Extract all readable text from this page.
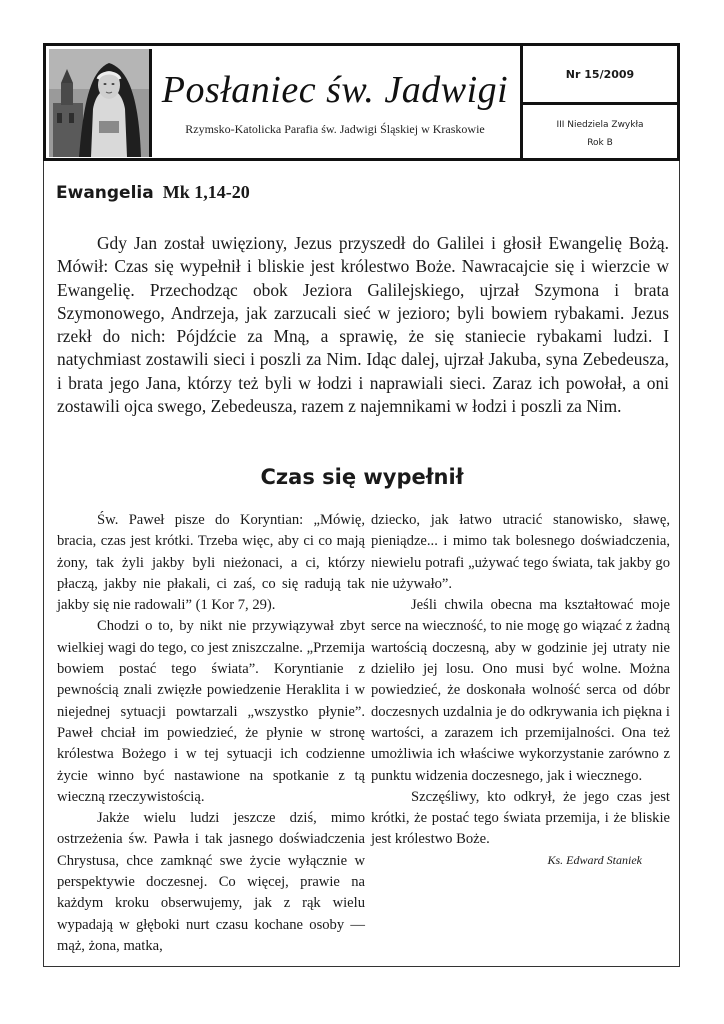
Posłaniec św. Jadwigi
Rzymsko-Katolicka Parafia św. Jadwigi Śląskiej w Kraskowie
Nr 15/2009
III Niedziela Zwykła
Rok B
Ewangelia Mk 1,14-20
Gdy Jan został uwięziony, Jezus przyszedł do Galilei i głosił Ewangelię Bożą. Mówił: Czas się wypełnił i bliskie jest królestwo Boże. Nawracajcie się i wierzcie w Ewangelię. Przechodząc obok Jeziora Galilejskiego, ujrzał Szymona i brata Szymonowego, Andrzeja, jak zarzucali sieć w jezioro; byli bowiem rybakami. Jezus rzekł do nich: Pójdźcie za Mną, a sprawię, że się staniecie rybakami ludzi. I natychmiast zostawili sieci i poszli za Nim. Idąc dalej, ujrzał Jakuba, syna Zebedeusza, i brata jego Jana, którzy też byli w łodzi i naprawiali sieci. Zaraz ich powołał, a oni zostawili ojca swego, Zebedeusza, razem z najemnikami w łodzi i poszli za Nim.
Czas się wypełnił

Św. Paweł pisze do Koryntian: „Mówię, bracia, czas jest krótki. Trzeba więc, aby ci co mają żony, tak żyli jakby byli nieżonaci, a ci, którzy płaczą, jakby nie płakali, ci zaś, co się radują tak jakby się nie radowali” (1 Kor 7, 29).

Chodzi o to, by nikt nie przywiązywał zbyt wielkiej wagi do tego, co jest zniszczalne. „Przemija bowiem postać tego świata”. Koryntianie z pewnością znali zwięzłe powiedzenie Heraklita i w niejednej sytuacji powtarzali „wszystko płynie”. Paweł chciał im powiedzieć, że płynie w stronę królestwa Bożego i w tej sytuacji ich codzienne życie winno być nastawione na spotkanie z tą wieczną rzeczywistością.

Jakże wielu ludzi jeszcze dziś, mimo ostrzeżenia św. Pawła i tak jasnego doświadczenia Chrystusa, chce zamknąć swe życie wyłącznie w perspektywie doczesnej. Co więcej, prawie na każdym kroku obserwujemy, jak z rąk wielu wypadają w głęboki nurt czasu kochane osoby — mąż, żona, matka,

dziecko, jak łatwo utracić stanowisko, sławę, pieniądze... i mimo tak bolesnego doświadczenia, niewielu potrafi „używać tego świata, tak jakby go nie używało”.

Jeśli chwila obecna ma kształtować moje serce na wieczność, to nie mogę go wiązać z żadną wartością doczesną, aby w godzinie jej utraty nie dzieliło jej losu. Ono musi być wolne. Można powiedzieć, że doskonała wolność serca od dóbr doczesnych uzdalnia je do odkrywania ich piękna i wartości, a zarazem ich przemijalności. Ona też umożliwia ich właściwe wykorzystanie zarówno z punktu widzenia doczesnego, jak i wiecznego.

Szczęśliwy, kto odkrył, że jego czas jest krótki, że postać tego świata przemija, i że bliskie jest królestwo Boże.

Ks. Edward Staniek
